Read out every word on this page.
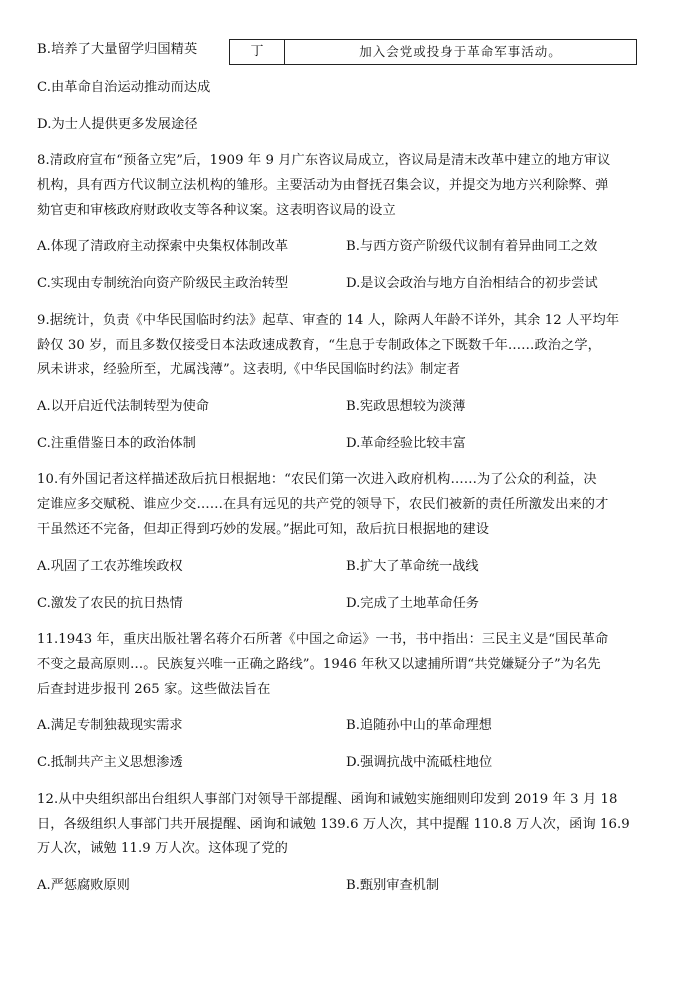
B.培养了大量留学归国精英	丁	加入会党或投身于革命军事活动。
C.由革命自治运动推动而达成
D.为士人提供更多发展途径
8.清政府宣布“预备立宪”后，1909 年 9 月广东咨议局成立，咨议局是清末改革中建立的地方审议
机构，具有西方代议制立法机构的雏形。主要活动为由督抚召集会议，并提交为地方兴利除弊、弹
劾官吏和审核政府财政收支等各种议案。这表明咨议局的设立
A.体现了清政府主动探索中央集权体制改革	B.与西方资产阶级代议制有着异曲同工之效
C.实现由专制统治向资产阶级民主政治转型	D.是议会政治与地方自治相结合的初步尝试
9.据统计，负责《中华民国临时约法》起草、审查的 14 人，除两人年龄不详外，其余 12 人平均年
龄仅 30 岁，而且多数仅接受日本法政速成教育，“生息于专制政体之下既数千年……政治之学，
夙未讲求，经验所至，尤属浅薄”。这表明,《中华民国临时约法》制定者
A.以开启近代法制转型为使命	B.宪政思想较为淡薄
C.注重借鉴日本的政治体制	D.革命经验比较丰富
10.有外国记者这样描述敌后抗日根据地：“农民们第一次进入政府机构……为了公众的利益，决
定谁应多交赋税、谁应少交……在具有远见的共产党的领导下，农民们被新的责任所激发出来的才
干虽然还不完备，但却正得到巧妙的发展。”据此可知，敌后抗日根据地的建设
A.巩固了工农苏维埃政权	B.扩大了革命统一战线
C.激发了农民的抗日热情	D.完成了土地革命任务
11.1943 年，重庆出版社署名蒋介石所著《中国之命运》一书，书中指出：三民主义是“国民革命
不变之最高原则…。民族复兴唯一正确之路线”。1946 年秋又以逮捕所谓“共党嫌疑分子”为名先
后查封进步报刊 265 家。这些做法旨在
A.满足专制独裁现实需求	B.追随孙中山的革命理想
C.抵制共产主义思想渗透	D.强调抗战中流砥柱地位
12.从中央组织部出台组织人事部门对领导干部提醒、函询和诫勉实施细则印发到 2019 年 3 月 18
日，各级组织人事部门共开展提醒、函询和诫勉 139.6 万人次，其中提醒 110.8 万人次，函询 16.9
万人次，诫勉 11.9 万人次。这体现了党的
A.严惩腐败原则	B.甄别审查机制
